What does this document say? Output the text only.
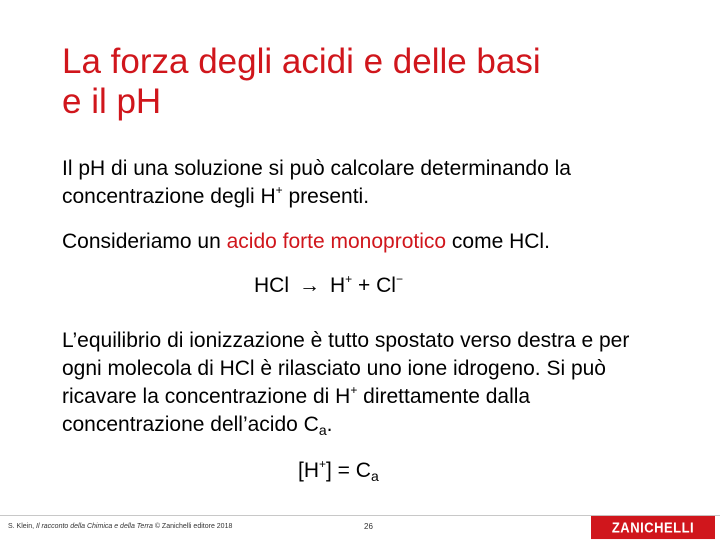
La forza degli acidi e delle basi
e il pH
Il pH di una soluzione si può calcolare determinando la concentrazione degli H+ presenti.
Consideriamo un acido forte monoprotico come HCl.
HCl → H+ + Cl−
L’equilibrio di ionizzazione è tutto spostato verso destra e per ogni molecola di HCl è rilasciato uno ione idrogeno. Si può ricavare la concentrazione di H+ direttamente dalla concentrazione dell’acido $C_a$.
$[H^+] = C_a$
S. Klein, Il racconto della Chimica e della Terra © Zanichelli editore 2018	26	ZANICHELLI
